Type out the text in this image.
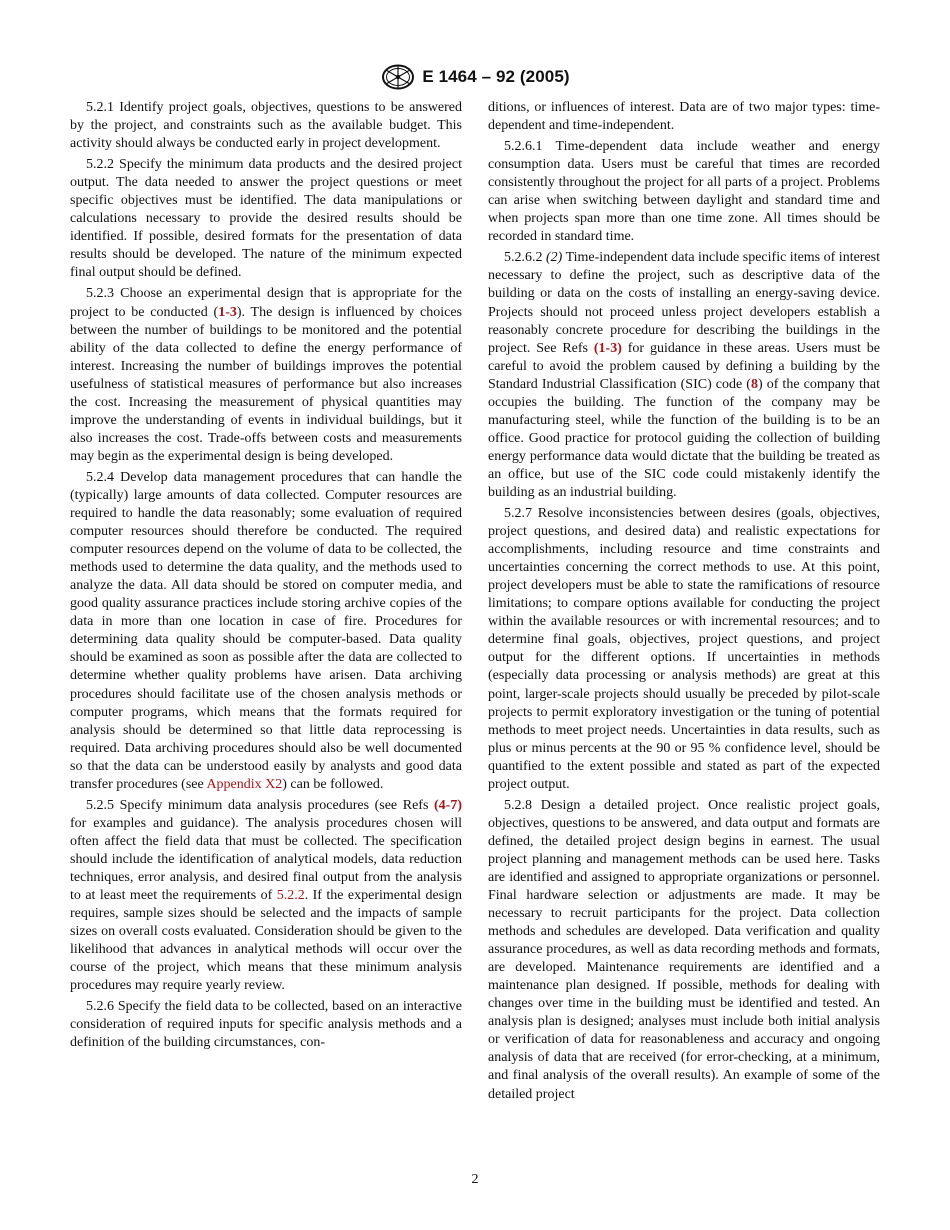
E 1464 – 92 (2005)

5.2.1 Identify project goals, objectives, questions to be answered by the project, and constraints such as the available budget. This activity should always be conducted early in project development.

5.2.2 Specify the minimum data products and the desired project output. The data needed to answer the project questions or meet specific objectives must be identified. The data manipulations or calculations necessary to provide the desired results should be identified. If possible, desired formats for the presentation of data results should be developed. The nature of the minimum expected final output should be defined.

5.2.3 Choose an experimental design that is appropriate for the project to be conducted (1-3). The design is influenced by choices between the number of buildings to be monitored and the potential ability of the data collected to define the energy performance of interest. Increasing the number of buildings improves the potential usefulness of statistical measures of performance but also increases the cost. Increasing the measurement of physical quantities may improve the understanding of events in individual buildings, but it also increases the cost. Trade-offs between costs and measurements may begin as the experimental design is being developed.

5.2.4 Develop data management procedures that can handle the (typically) large amounts of data collected. Computer resources are required to handle the data reasonably; some evaluation of required computer resources should therefore be conducted. The required computer resources depend on the volume of data to be collected, the methods used to determine the data quality, and the methods used to analyze the data. All data should be stored on computer media, and good quality assurance practices include storing archive copies of the data in more than one location in case of fire. Procedures for determining data quality should be computer-based. Data quality should be examined as soon as possible after the data are collected to determine whether quality problems have arisen. Data archiving procedures should facilitate use of the chosen analysis methods or computer programs, which means that the formats required for analysis should be determined so that little data reprocessing is required. Data archiving procedures should also be well documented so that the data can be understood easily by analysts and good data transfer procedures (see Appendix X2) can be followed.

5.2.5 Specify minimum data analysis procedures (see Refs (4-7) for examples and guidance). The analysis procedures chosen will often affect the field data that must be collected. The specification should include the identification of analytical models, data reduction techniques, error analysis, and desired final output from the analysis to at least meet the requirements of 5.2.2. If the experimental design requires, sample sizes should be selected and the impacts of sample sizes on overall costs evaluated. Consideration should be given to the likelihood that advances in analytical methods will occur over the course of the project, which means that these minimum analysis procedures may require yearly review.

5.2.6 Specify the field data to be collected, based on an interactive consideration of required inputs for specific analysis methods and a definition of the building circumstances, con-

ditions, or influences of interest. Data are of two major types: time-dependent and time-independent.

5.2.6.1 Time-dependent data include weather and energy consumption data. Users must be careful that times are recorded consistently throughout the project for all parts of a project. Problems can arise when switching between daylight and standard time and when projects span more than one time zone. All times should be recorded in standard time.

5.2.6.2 (2) Time-independent data include specific items of interest necessary to define the project, such as descriptive data of the building or data on the costs of installing an energy-saving device. Projects should not proceed unless project developers establish a reasonably concrete procedure for describing the buildings in the project. See Refs (1-3) for guidance in these areas. Users must be careful to avoid the problem caused by defining a building by the Standard Industrial Classification (SIC) code (8) of the company that occupies the building. The function of the company may be manufacturing steel, while the function of the building is to be an office. Good practice for protocol guiding the collection of building energy performance data would dictate that the building be treated as an office, but use of the SIC code could mistakenly identify the building as an industrial building.

5.2.7 Resolve inconsistencies between desires (goals, objectives, project questions, and desired data) and realistic expectations for accomplishments, including resource and time constraints and uncertainties concerning the correct methods to use. At this point, project developers must be able to state the ramifications of resource limitations; to compare options available for conducting the project within the available resources or with incremental resources; and to determine final goals, objectives, project questions, and project output for the different options. If uncertainties in methods (especially data processing or analysis methods) are great at this point, larger-scale projects should usually be preceded by pilot-scale projects to permit exploratory investigation or the tuning of potential methods to meet project needs. Uncertainties in data results, such as plus or minus percents at the 90 or 95 % confidence level, should be quantified to the extent possible and stated as part of the expected project output.

5.2.8 Design a detailed project. Once realistic project goals, objectives, questions to be answered, and data output and formats are defined, the detailed project design begins in earnest. The usual project planning and management methods can be used here. Tasks are identified and assigned to appropriate organizations or personnel. Final hardware selection or adjustments are made. It may be necessary to recruit participants for the project. Data collection methods and schedules are developed. Data verification and quality assurance procedures, as well as data recording methods and formats, are developed. Maintenance requirements are identified and a maintenance plan designed. If possible, methods for dealing with changes over time in the building must be identified and tested. An analysis plan is designed; analyses must include both initial analysis or verification of data for reasonableness and accuracy and ongoing analysis of data that are received (for error-checking, at a minimum, and final analysis of the overall results). An example of some of the detailed project

2
